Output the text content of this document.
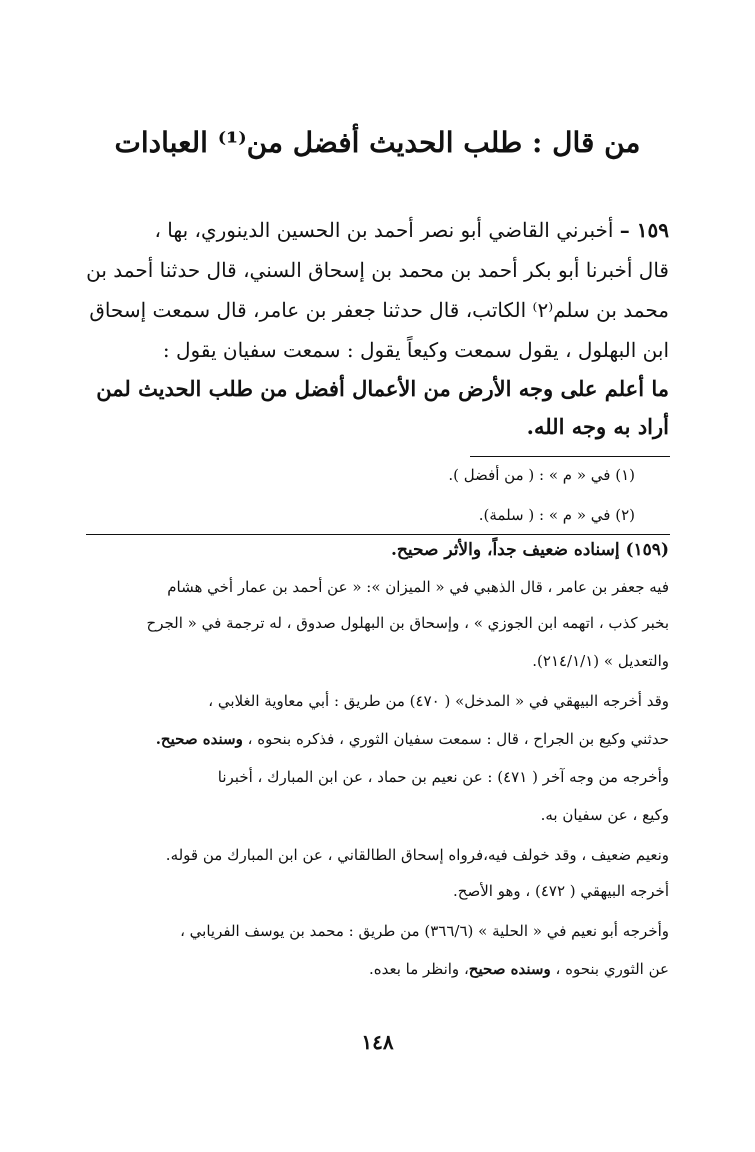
من قال : طلب الحديث أفضل من⁽¹⁾ العبادات
١٥٩ – أخبرني القاضي أبو نصر أحمد بن الحسين الدينوري، بها ،
قال أخبرنا أبو بكر أحمد بن محمد بن إسحاق السني، قال حدثنا أحمد بن
محمد بن سلم⁽٢⁾ الكاتب، قال حدثنا جعفر بن عامر، قال سمعت إسحاق
ابن البهلول ، يقول سمعت وكيعاً يقول : سمعت سفيان يقول :
ما أعلم على وجه الأرض من الأعمال أفضل من طلب الحديث لمن
أراد به وجه الله.
(١) في « م » : ( من أفضل ).
(٢) في « م » : ( سلمة).
(١٥٩) إسناده ضعيف جداً، والأثر صحيح.
فيه جعفر بن عامر ، قال الذهبي في « الميزان »: « عن أحمد بن عمار أخي هشام
بخبر كذب ، اتهمه ابن الجوزي » ، وإسحاق بن البهلول صدوق ، له ترجمة في « الجرح
والتعديل » (٢١٤/١/١).
وقد أخرجه البيهقي في « المدخل» ( ٤٧٠) من طريق : أبي معاوية الغلابي ،
حدثني وكيع بن الجراح ، قال : سمعت سفيان الثوري ، فذكره بنحوه ، وسنده صحيح.
وأخرجه من وجه آخر ( ٤٧١) : عن نعيم بن حماد ، عن ابن المبارك ، أخبرنا
وكيع ، عن سفيان به.
ونعيم ضعيف ، وقد خولف فيه،فرواه إسحاق الطالقاني ، عن ابن المبارك من قوله.
أخرجه البيهقي ( ٤٧٢) ، وهو الأصح.
وأخرجه أبو نعيم في « الحلية » (٣٦٦/٦) من طريق : محمد بن يوسف الفريابي ،
عن الثوري بنحوه ، وسنده صحيح، وانظر ما بعده.
١٤٨
